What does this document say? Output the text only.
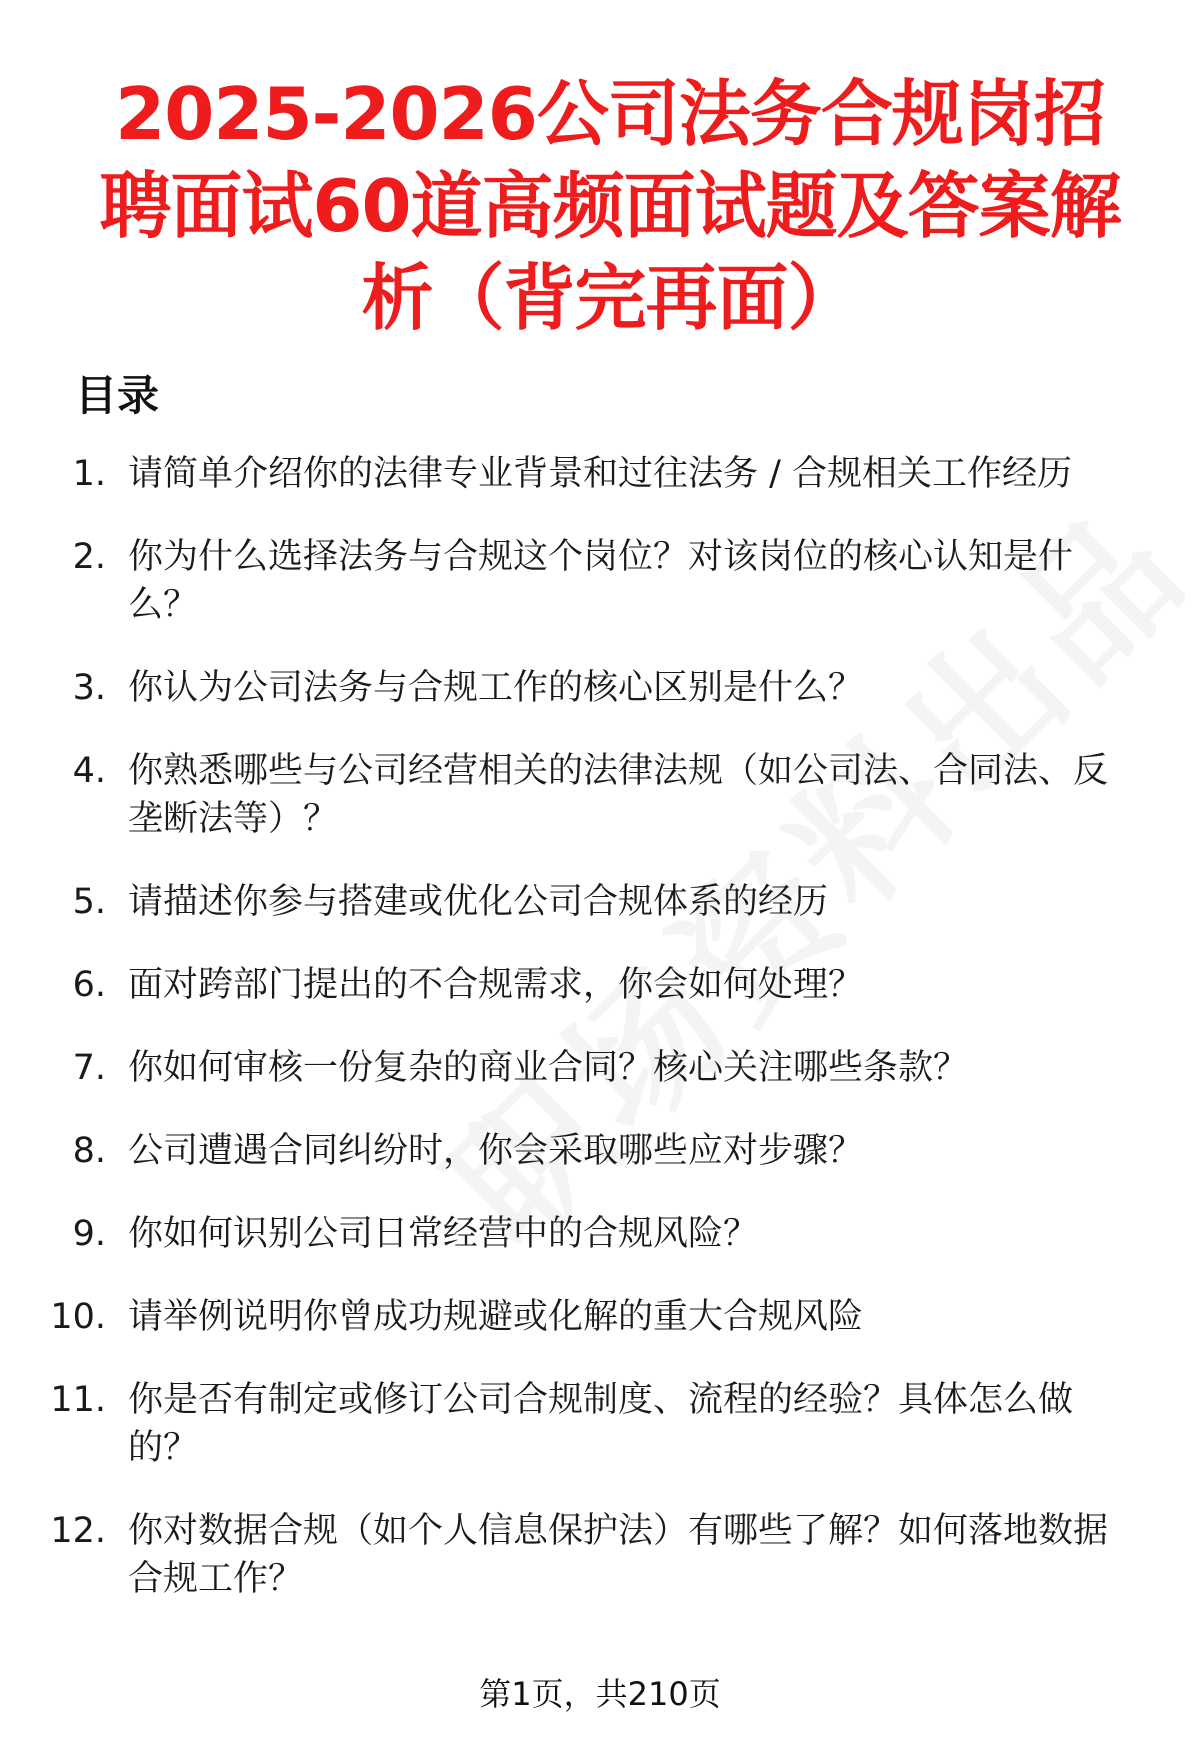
2025-2026公司法务合规岗招聘面试60道高频面试题及答案解析（背完再面）
目录
1. 请简单介绍你的法律专业背景和过往法务 / 合规相关工作经历
2. 你为什么选择法务与合规这个岗位？对该岗位的核心认知是什么？
3. 你认为公司法务与合规工作的核心区别是什么？
4. 你熟悉哪些与公司经营相关的法律法规（如公司法、合同法、反垄断法等）？
5. 请描述你参与搭建或优化公司合规体系的经历
6. 面对跨部门提出的不合规需求，你会如何处理？
7. 你如何审核一份复杂的商业合同？核心关注哪些条款？
8. 公司遭遇合同纠纷时，你会采取哪些应对步骤？
9. 你如何识别公司日常经营中的合规风险？
10. 请举例说明你曾成功规避或化解的重大合规风险
11. 你是否有制定或修订公司合规制度、流程的经验？具体怎么做的？
12. 你对数据合规（如个人信息保护法）有哪些了解？如何落地数据合规工作？
第1页，共210页
